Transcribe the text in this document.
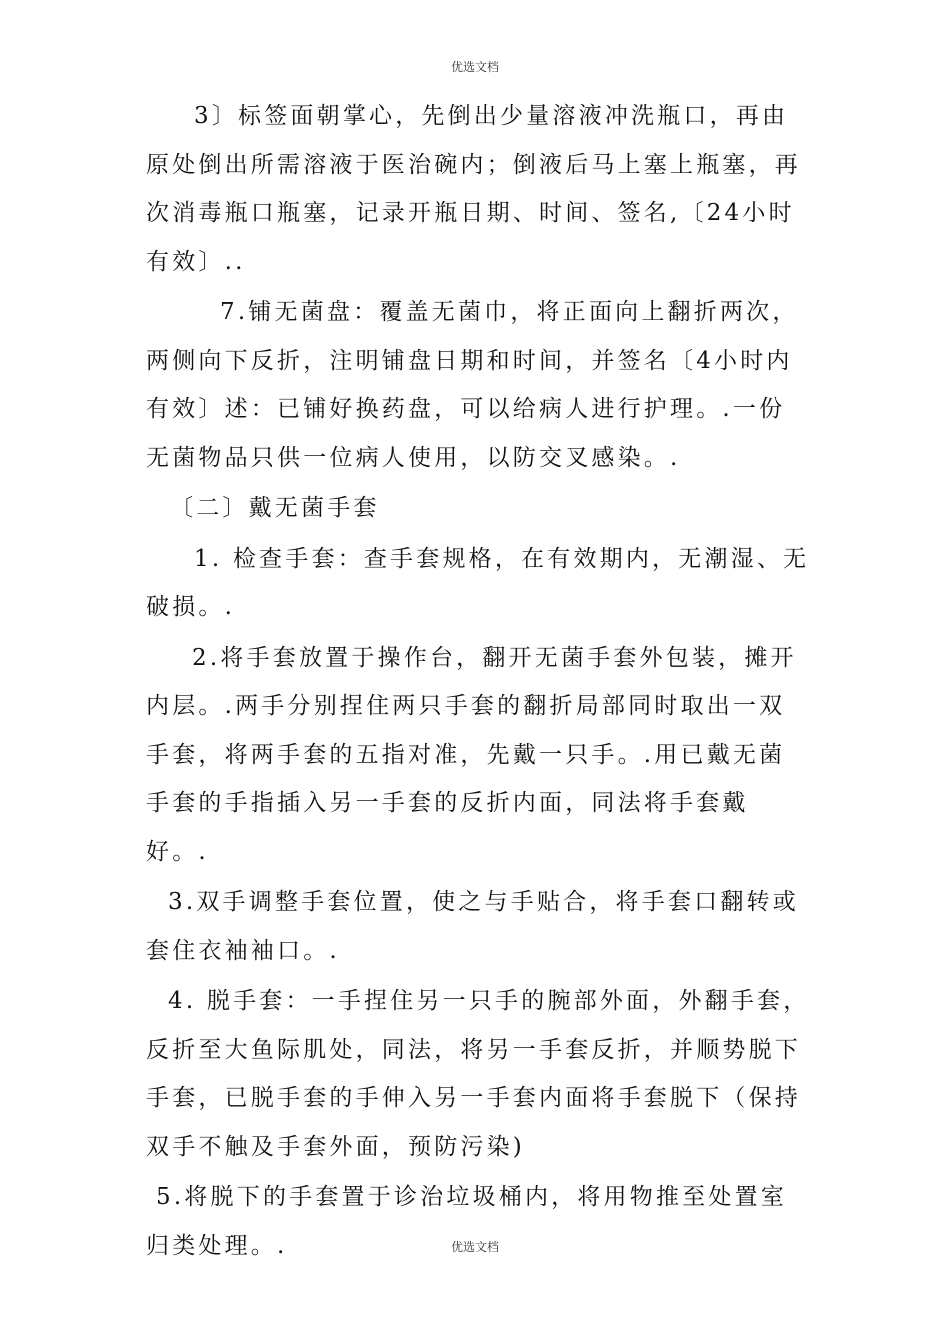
优选文档

3〕标签面朝掌心，先倒出少量溶液冲洗瓶口，再由原处倒出所需溶液于医治碗内；倒液后马上塞上瓶塞，再次消毒瓶口瓶塞，记录开瓶日期、时间、签名,〔24小时有效〕..

7.铺无菌盘：覆盖无菌巾，将正面向上翻折两次，两侧向下反折，注明铺盘日期和时间，并签名〔4小时内有效〕述：已铺好换药盘，可以给病人进行护理。.一份无菌物品只供一位病人使用，以防交叉感染。.

〔二〕戴无菌手套

1. 检查手套：查手套规格，在有效期内，无潮湿、无破损。.

2.将手套放置于操作台，翻开无菌手套外包装，摊开内层。.两手分别捏住两只手套的翻折局部同时取出一双手套，将两手套的五指对准，先戴一只手。.用已戴无菌手套的手指插入另一手套的反折内面，同法将手套戴好。.

3.双手调整手套位置，使之与手贴合，将手套口翻转或套住衣袖袖口。.

4. 脱手套：一手捏住另一只手的腕部外面，外翻手套，反折至大鱼际肌处，同法，将另一手套反折，并顺势脱下手套，已脱手套的手伸入另一手套内面将手套脱下（保持双手不触及手套外面，预防污染)

5.将脱下的手套置于诊治垃圾桶内，将用物推至处置室归类处理。.	优选文档
